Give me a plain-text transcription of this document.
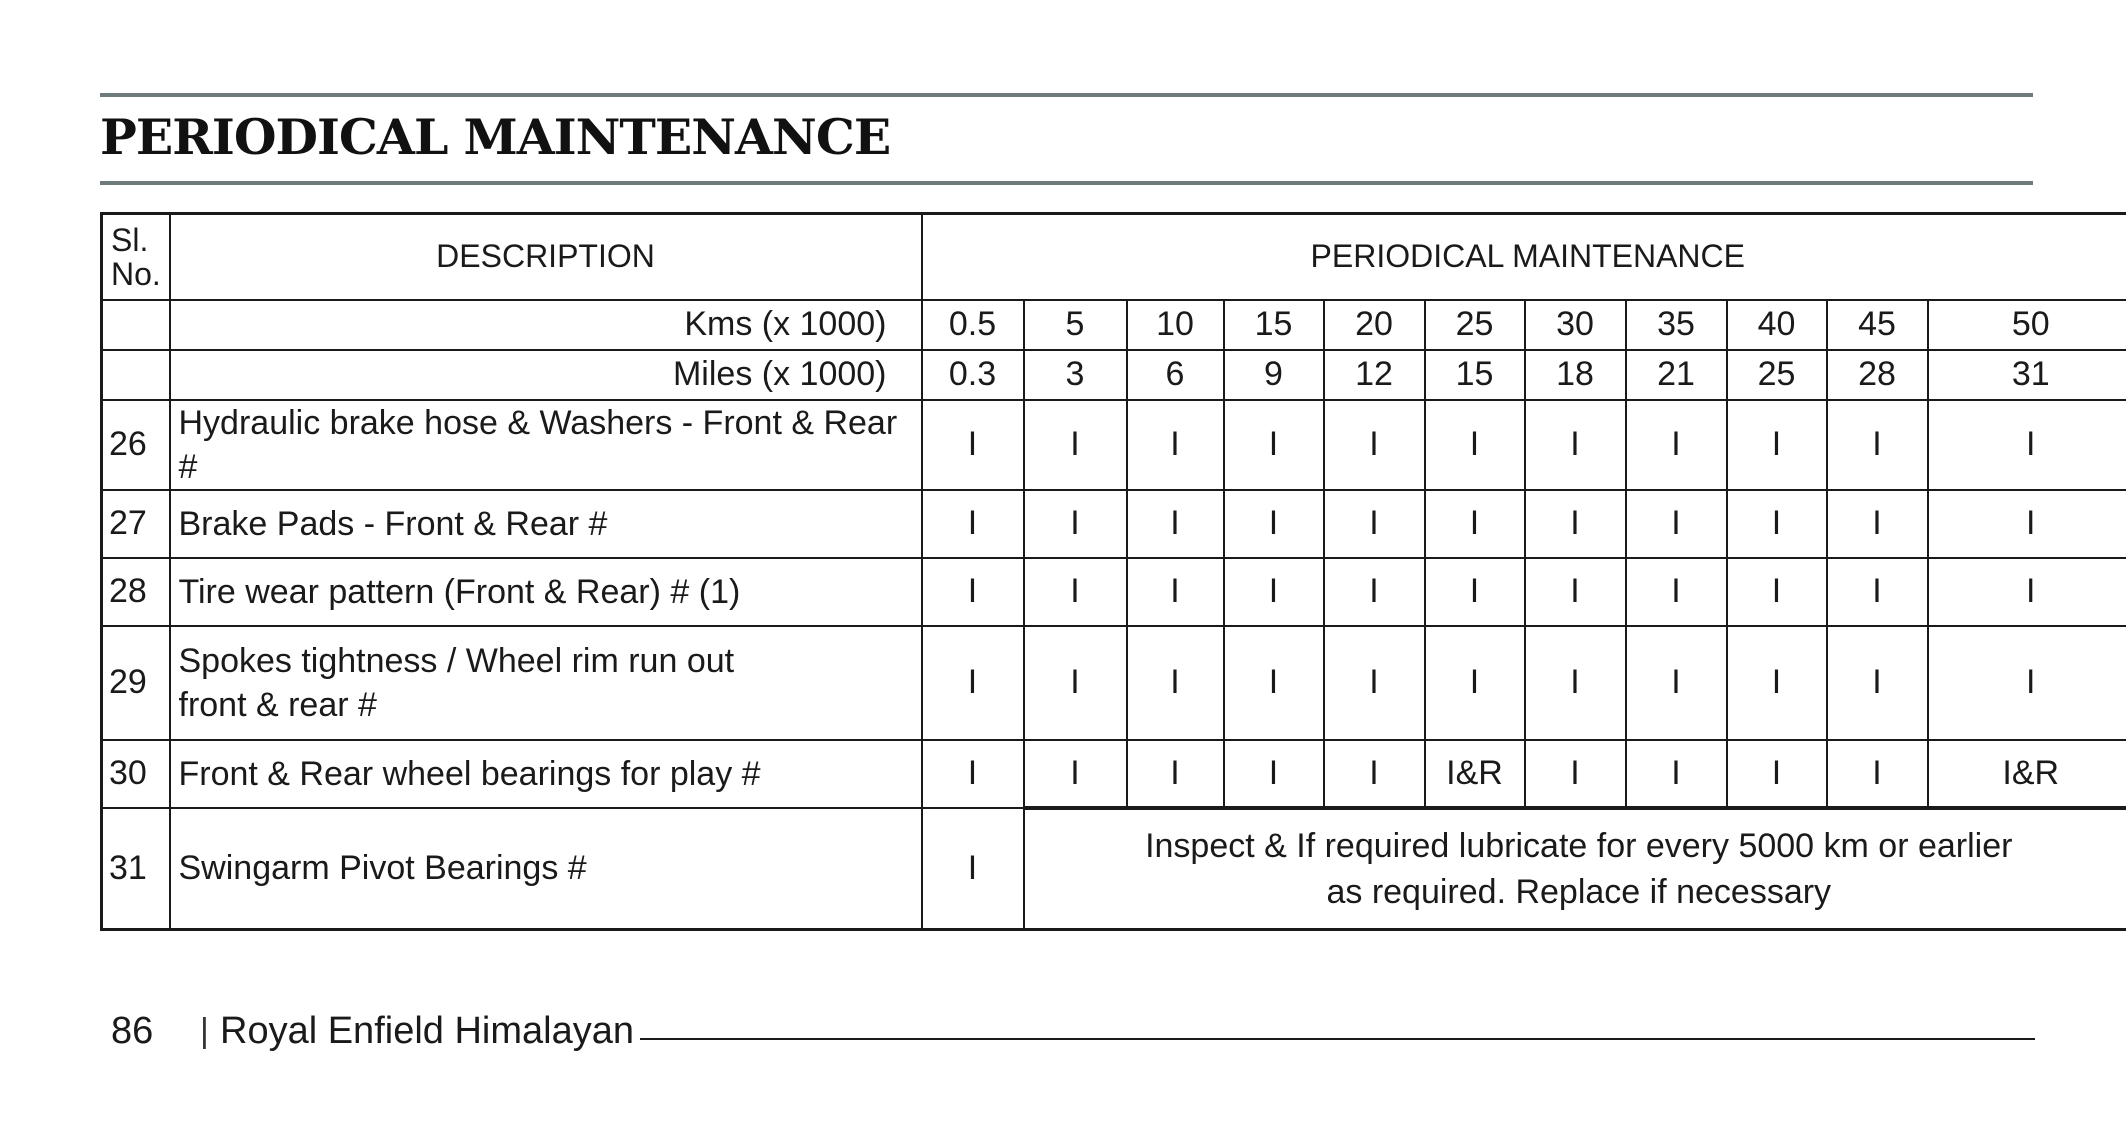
PERIODICAL MAINTENANCE
Sl. No.	DESCRIPTION	PERIODICAL MAINTENANCE										
	Kms (x 1000)	0.5	5	10	15	20	25	30	35	40	45	50
	Miles (x 1000)	0.3	3	6	9	12	15	18	21	25	28	31
26	Hydraulic brake hose & Washers - Front & Rear #	I	I	I	I	I	I	I	I	I	I	I
27	Brake Pads - Front & Rear #	I	I	I	I	I	I	I	I	I	I	I
28	Tire wear pattern (Front & Rear) # (1)	I	I	I	I	I	I	I	I	I	I	I
29	Spokes tightness / Wheel rim run out front & rear #	I	I	I	I	I	I	I	I	I	I	I
30	Front & Rear wheel bearings for play #	I	I	I	I	I	I&R	I	I	I	I	I&R
31	Swingarm Pivot Bearings #	I	Inspect & If required lubricate for every 5000 km or earlier
as required. Replace if necessary									
86 | Royal Enfield Himalayan
